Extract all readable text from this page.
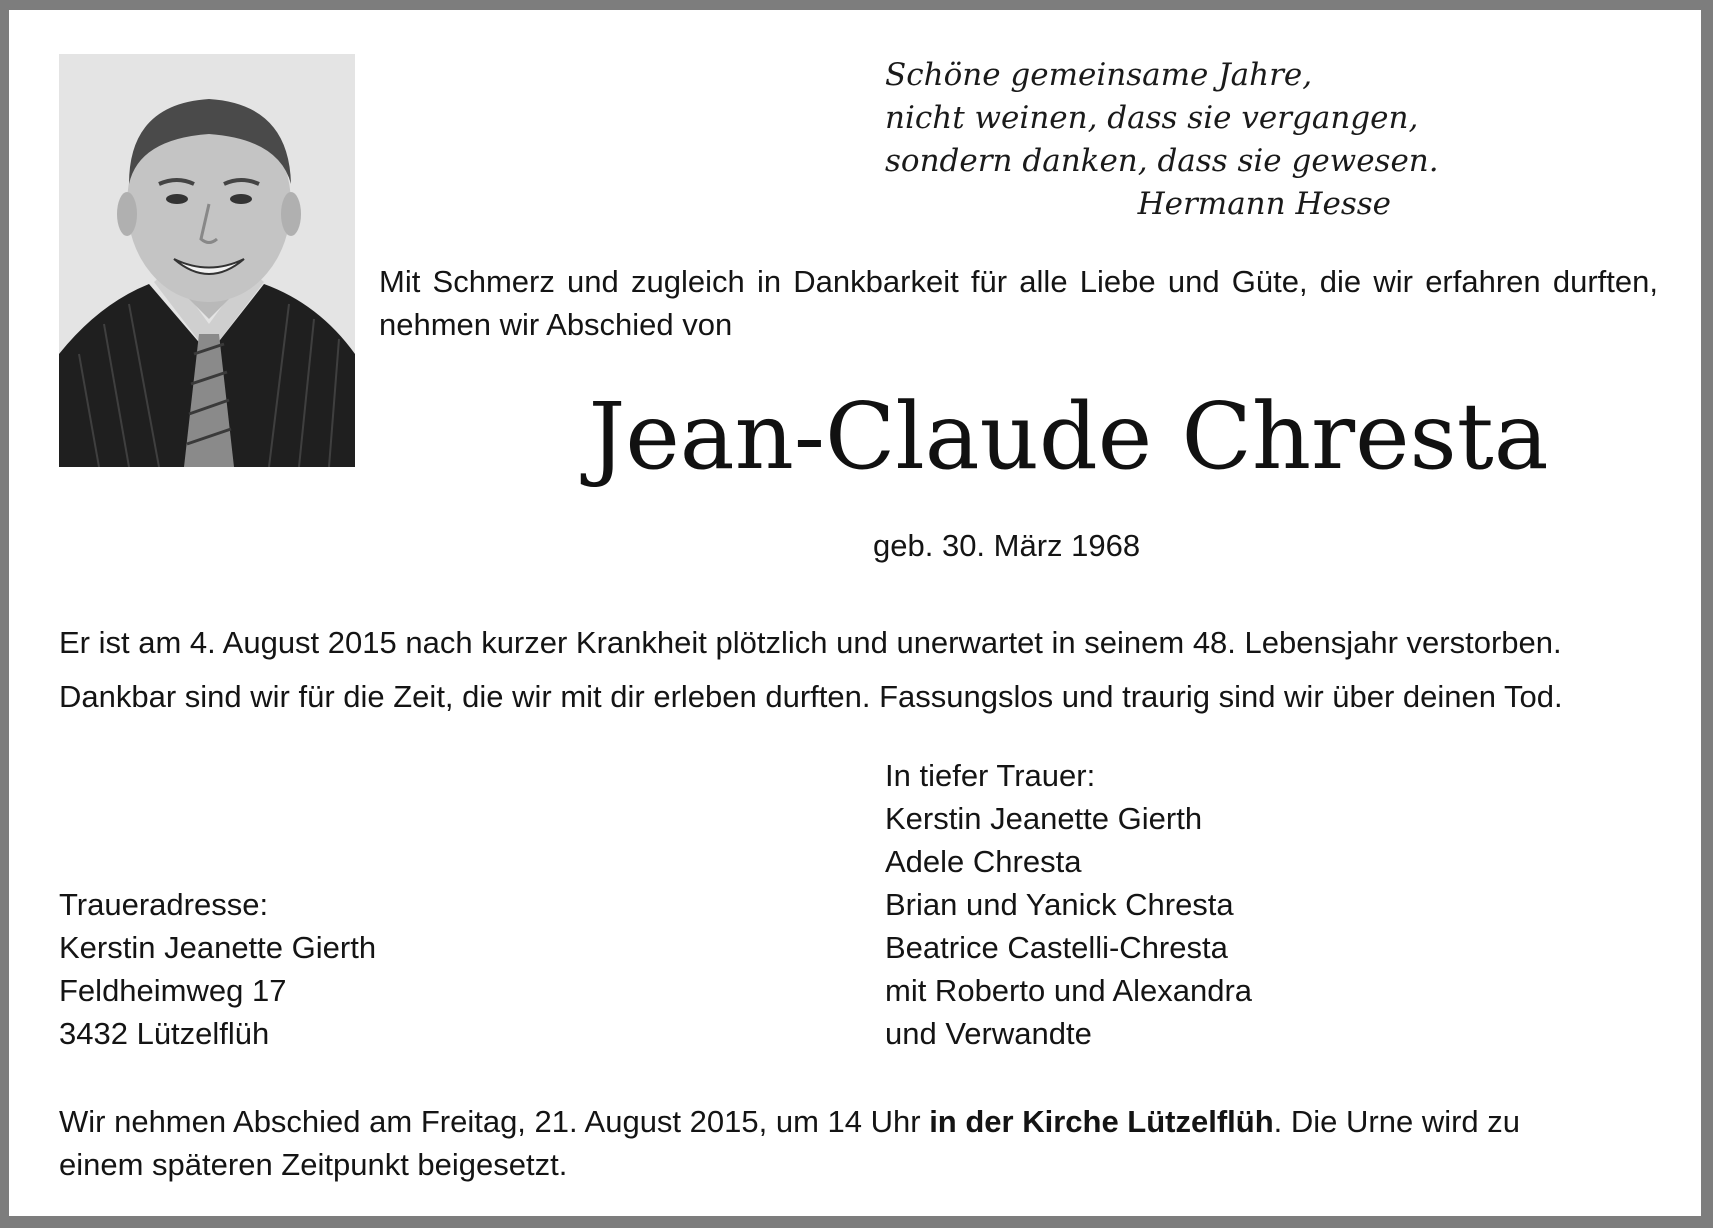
Schöne gemeinsame Jahre,
nicht weinen, dass sie vergangen,
sondern danken, dass sie gewesen.
Hermann Hesse
Mit Schmerz und zugleich in Dankbarkeit für alle Liebe und Güte, die wir erfahren durften, nehmen wir Abschied von
Jean-Claude Chresta
geb. 30. März 1968
Er ist am 4. August 2015 nach kurzer Krankheit plötzlich und unerwartet in seinem 48. Lebensjahr verstorben.
Dankbar sind wir für die Zeit, die wir mit dir erleben durften. Fassungslos und traurig sind wir über deinen Tod.
In tiefer Trauer:
Kerstin Jeanette Gierth
Adele Chresta
Brian und Yanick Chresta
Beatrice Castelli-Chresta
mit Roberto und Alexandra
und Verwandte
Traueradresse:
Kerstin Jeanette Gierth
Feldheimweg 17
3432 Lützelflüh
Wir nehmen Abschied am Freitag, 21. August 2015, um 14 Uhr in der Kirche Lützelflüh. Die Urne wird zu
einem späteren Zeitpunkt beigesetzt.
